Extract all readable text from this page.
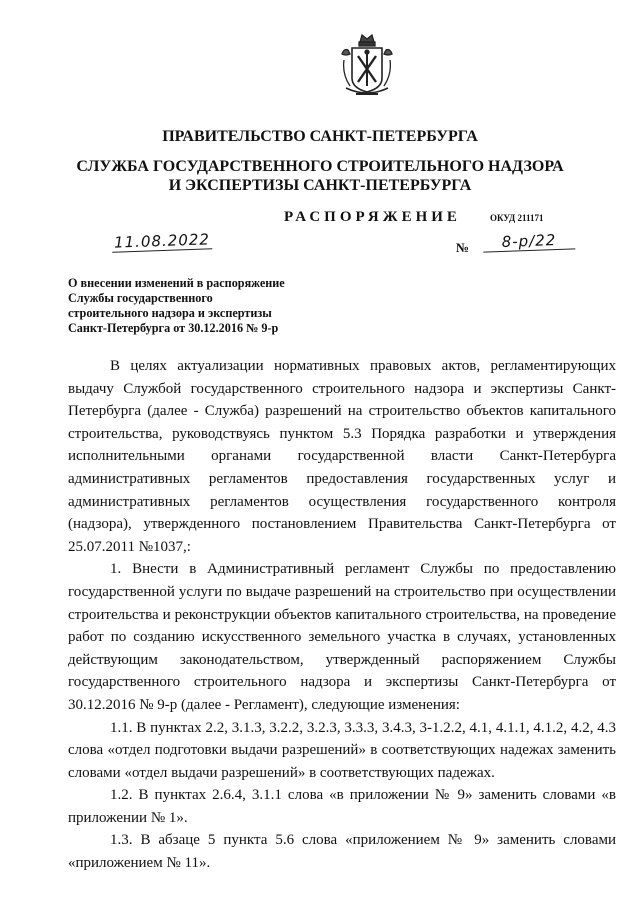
ПРАВИТЕЛЬСТВО САНКТ-ПЕТЕРБУРГА
СЛУЖБА ГОСУДАРСТВЕННОГО СТРОИТЕЛЬНОГО НАДЗОРА
И ЭКСПЕРТИЗЫ САНКТ-ПЕТЕРБУРГА
РАСПОРЯЖЕНИЕ	ОКУД 211171
11.08.2022	№	8-р/22
О внесении изменений в распоряжение
Службы государственного
строительного надзора и экспертизы
Санкт-Петербурга от 30.12.2016 № 9-р

В целях актуализации нормативных правовых актов, регламентирующих выдачу Службой государственного строительного надзора и экспертизы Санкт-Петербурга (далее - Служба) разрешений на строительство объектов капитального строительства, руководствуясь пунктом 5.3 Порядка разработки и утверждения исполнительными органами государственной власти Санкт-Петербурга административных регламентов предоставления государственных услуг и административных регламентов осуществления государственного контроля (надзора), утвержденного постановлением Правительства Санкт-Петербурга от 25.07.2011 №1037,:

1. Внести в Административный регламент Службы по предоставлению государственной услуги по выдаче разрешений на строительство при осуществлении строительства и реконструкции объектов капитального строительства, на проведение работ по созданию искусственного земельного участка в случаях, установленных действующим законодательством, утвержденный распоряжением Службы государственного строительного надзора и экспертизы Санкт-Петербурга от 30.12.2016 № 9-р (далее - Регламент), следующие изменения:

1.1. В пунктах 2.2, 3.1.3, 3.2.2, 3.2.3, 3.3.3, 3.4.3, 3-1.2.2, 4.1, 4.1.1, 4.1.2, 4.2, 4.3 слова «отдел подготовки выдачи разрешений» в соответствующих надежах заменить словами «отдел выдачи разрешений» в соответствующих падежах.

1.2. В пунктах 2.6.4, 3.1.1 слова «в приложении № 9» заменить словами «в приложении № 1».

1.3. В абзаце 5 пункта 5.6 слова «приложением № 9» заменить словами «приложением № 11».
